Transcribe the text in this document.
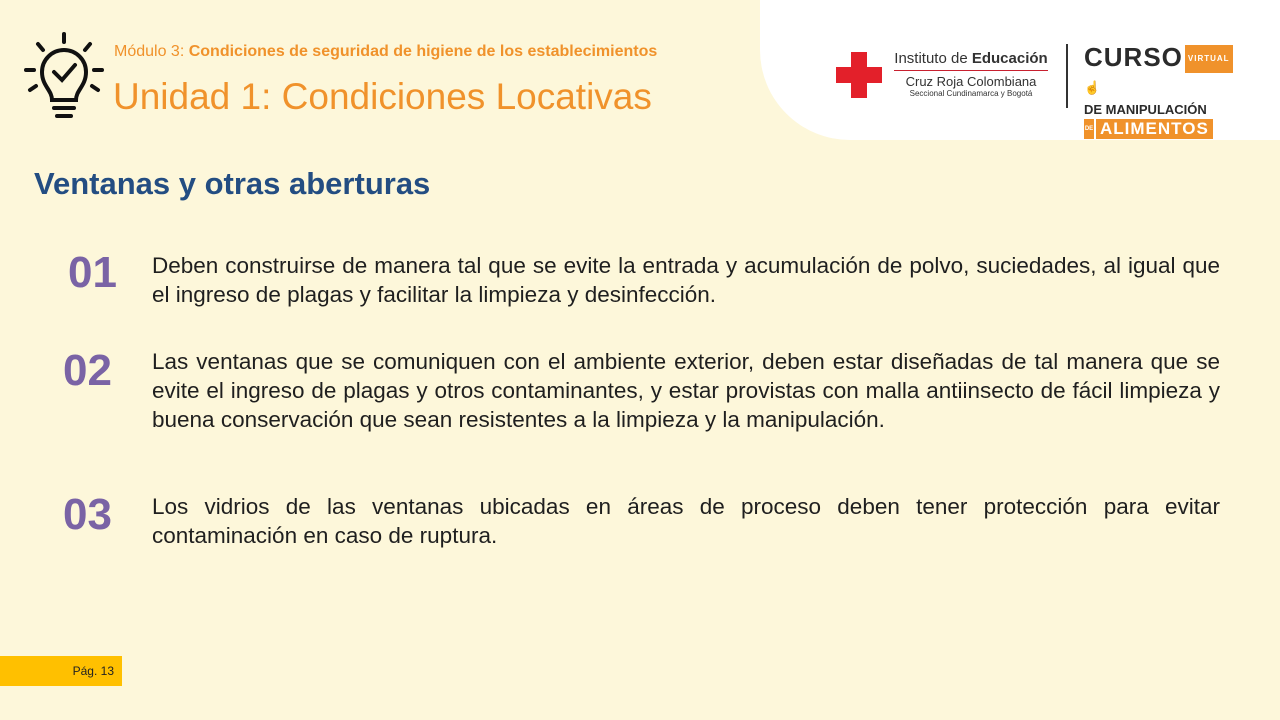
Módulo 3: Condiciones de seguridad de higiene de los establecimientos
Unidad 1: Condiciones Locativas
Instituto de Educación
Cruz Roja Colombiana
Seccional Cundinamarca y Bogotá
CURSO VIRTUAL☝
DE MANIPULACIÓN
DE ALIMENTOS
Ventanas y otras aberturas
01 Deben construirse de manera tal que se evite la entrada y acumulación de polvo, suciedades, al igual que el ingreso de plagas y facilitar la limpieza y desinfección.
02 Las ventanas que se comuniquen con el ambiente exterior, deben estar diseñadas de tal manera que se evite el ingreso de plagas y otros contaminantes, y estar provistas con malla antiinsecto de fácil limpieza y buena conservación que sean resistentes a la limpieza y la manipulación.
03 Los vidrios de las ventanas ubicadas en áreas de proceso deben tener protección para evitar contaminación en caso de ruptura.
Pág. 13
